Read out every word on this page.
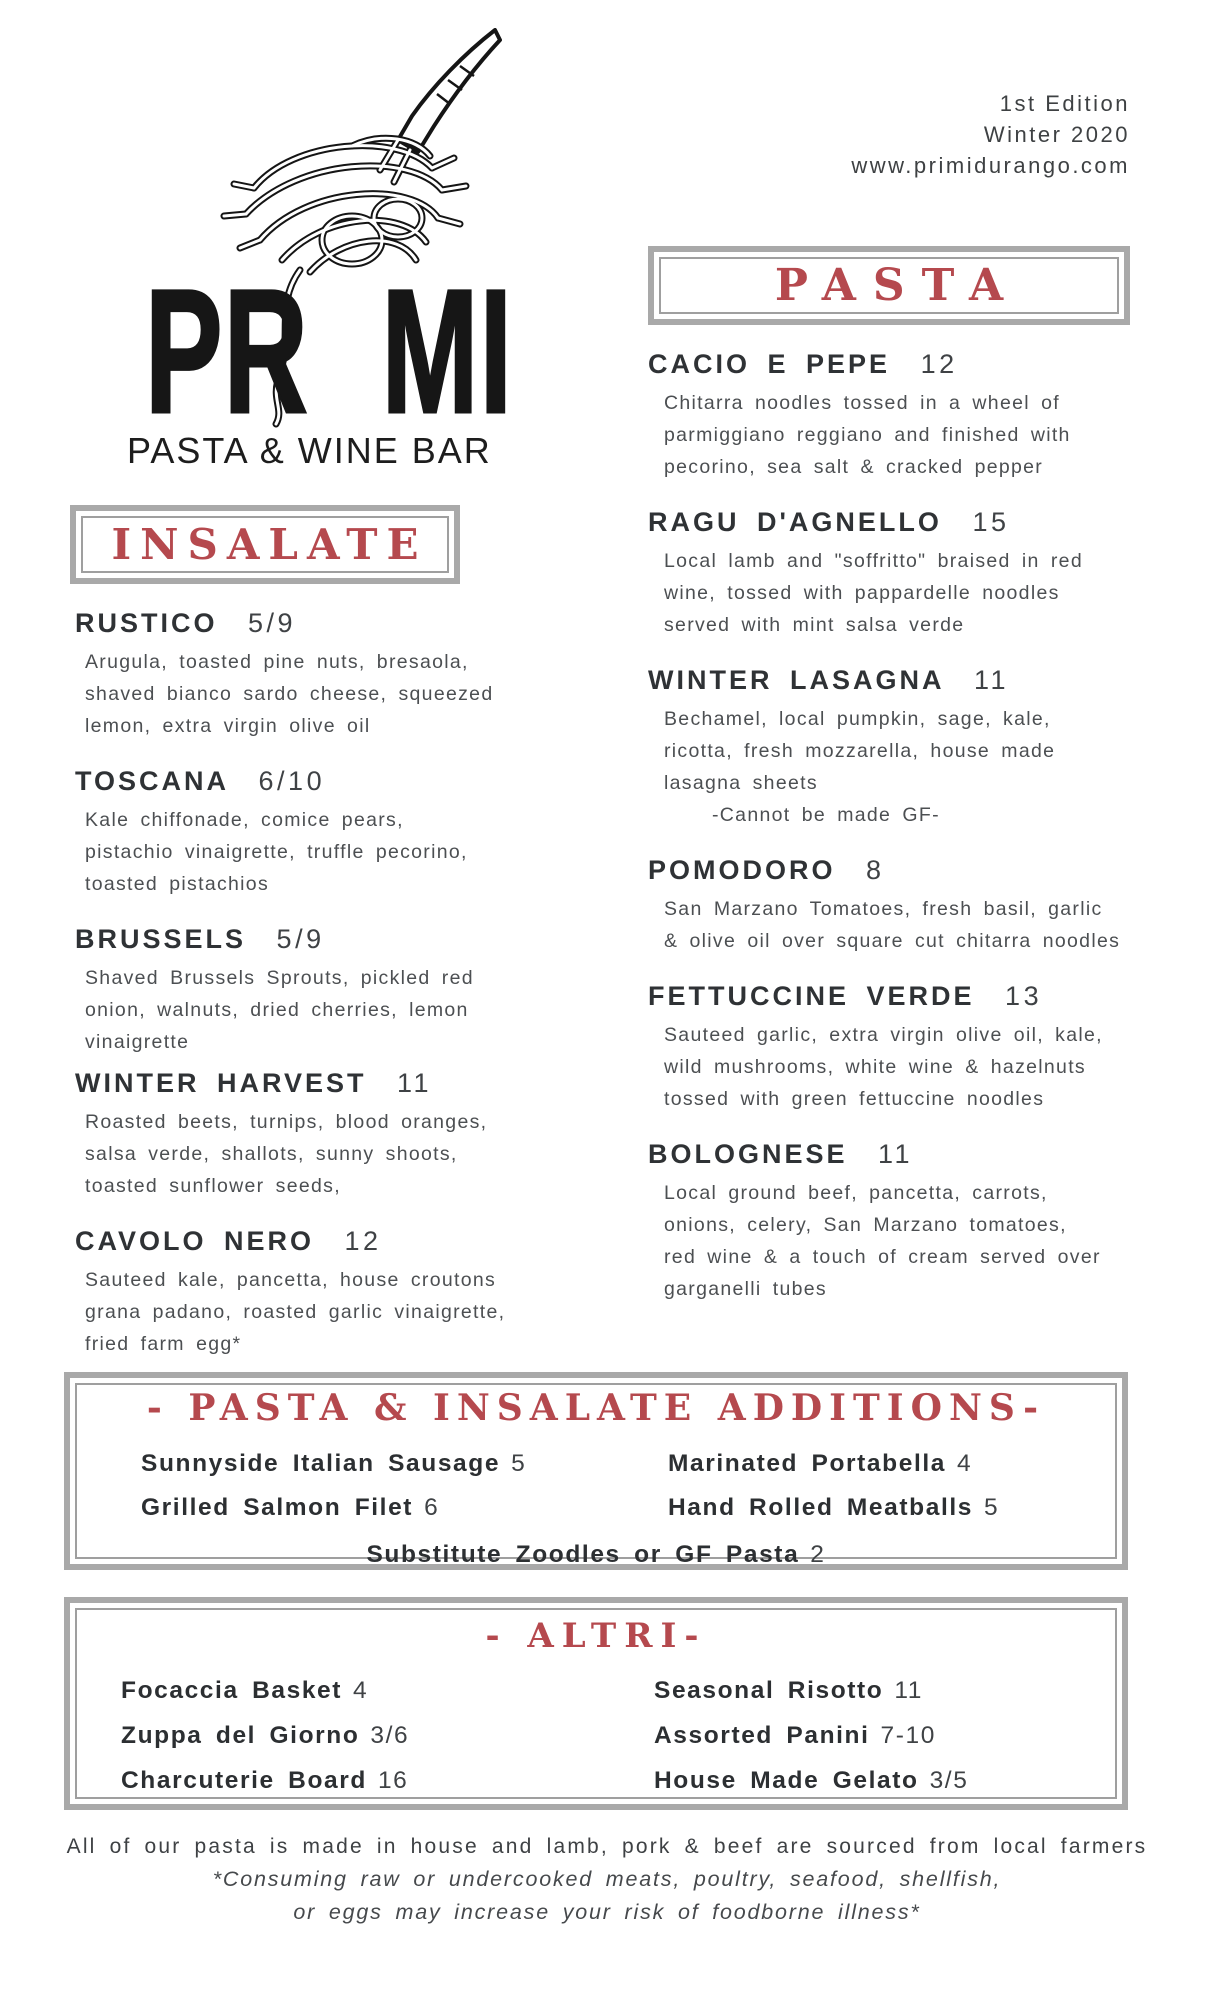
PR MI
PASTA & WINE BAR
1st Edition
Winter 2020
www.primidurango.com
PASTA
CACIO E PEPE 12
Chitarra noodles tossed in a wheel of
parmiggiano reggiano and finished with
pecorino, sea salt & cracked pepper
RAGU D'AGNELLO 15
Local lamb and "soffritto" braised in red
wine, tossed with pappardelle noodles
served with mint salsa verde
WINTER LASAGNA 11
Bechamel, local pumpkin, sage, kale,
ricotta, fresh mozzarella, house made
lasagna sheets
-Cannot be made GF-
POMODORO 8
San Marzano Tomatoes, fresh basil, garlic
& olive oil over square cut chitarra noodles
FETTUCCINE VERDE 13
Sauteed garlic, extra virgin olive oil, kale,
wild mushrooms, white wine & hazelnuts
tossed with green fettuccine noodles
BOLOGNESE 11
Local ground beef, pancetta, carrots,
onions, celery, San Marzano tomatoes,
red wine & a touch of cream served over
garganelli tubes
INSALATE
RUSTICO 5/9
Arugula, toasted pine nuts, bresaola,
shaved bianco sardo cheese, squeezed
lemon, extra virgin olive oil
TOSCANA 6/10
Kale chiffonade, comice pears,
pistachio vinaigrette, truffle pecorino,
toasted pistachios
BRUSSELS 5/9
Shaved Brussels Sprouts, pickled red
onion, walnuts, dried cherries, lemon
vinaigrette
WINTER HARVEST 11
Roasted beets, turnips, blood oranges,
salsa verde, shallots, sunny shoots,
toasted sunflower seeds,
CAVOLO NERO 12
Sauteed kale, pancetta, house croutons
grana padano, roasted garlic vinaigrette,
fried farm egg*
- PASTA & INSALATE ADDITIONS-
Sunnyside Italian Sausage 5	Marinated Portabella 4
Grilled Salmon Filet 6	Hand Rolled Meatballs 5
Substitute Zoodles or GF Pasta 2
- ALTRI-
Focaccia Basket 4	Seasonal Risotto 11
Zuppa del Giorno 3/6	Assorted Panini 7-10
Charcuterie Board 16	House Made Gelato 3/5
All of our pasta is made in house and lamb, pork & beef are sourced from local farmers
*Consuming raw or undercooked meats, poultry, seafood, shellfish,
or eggs may increase your risk of foodborne illness*
